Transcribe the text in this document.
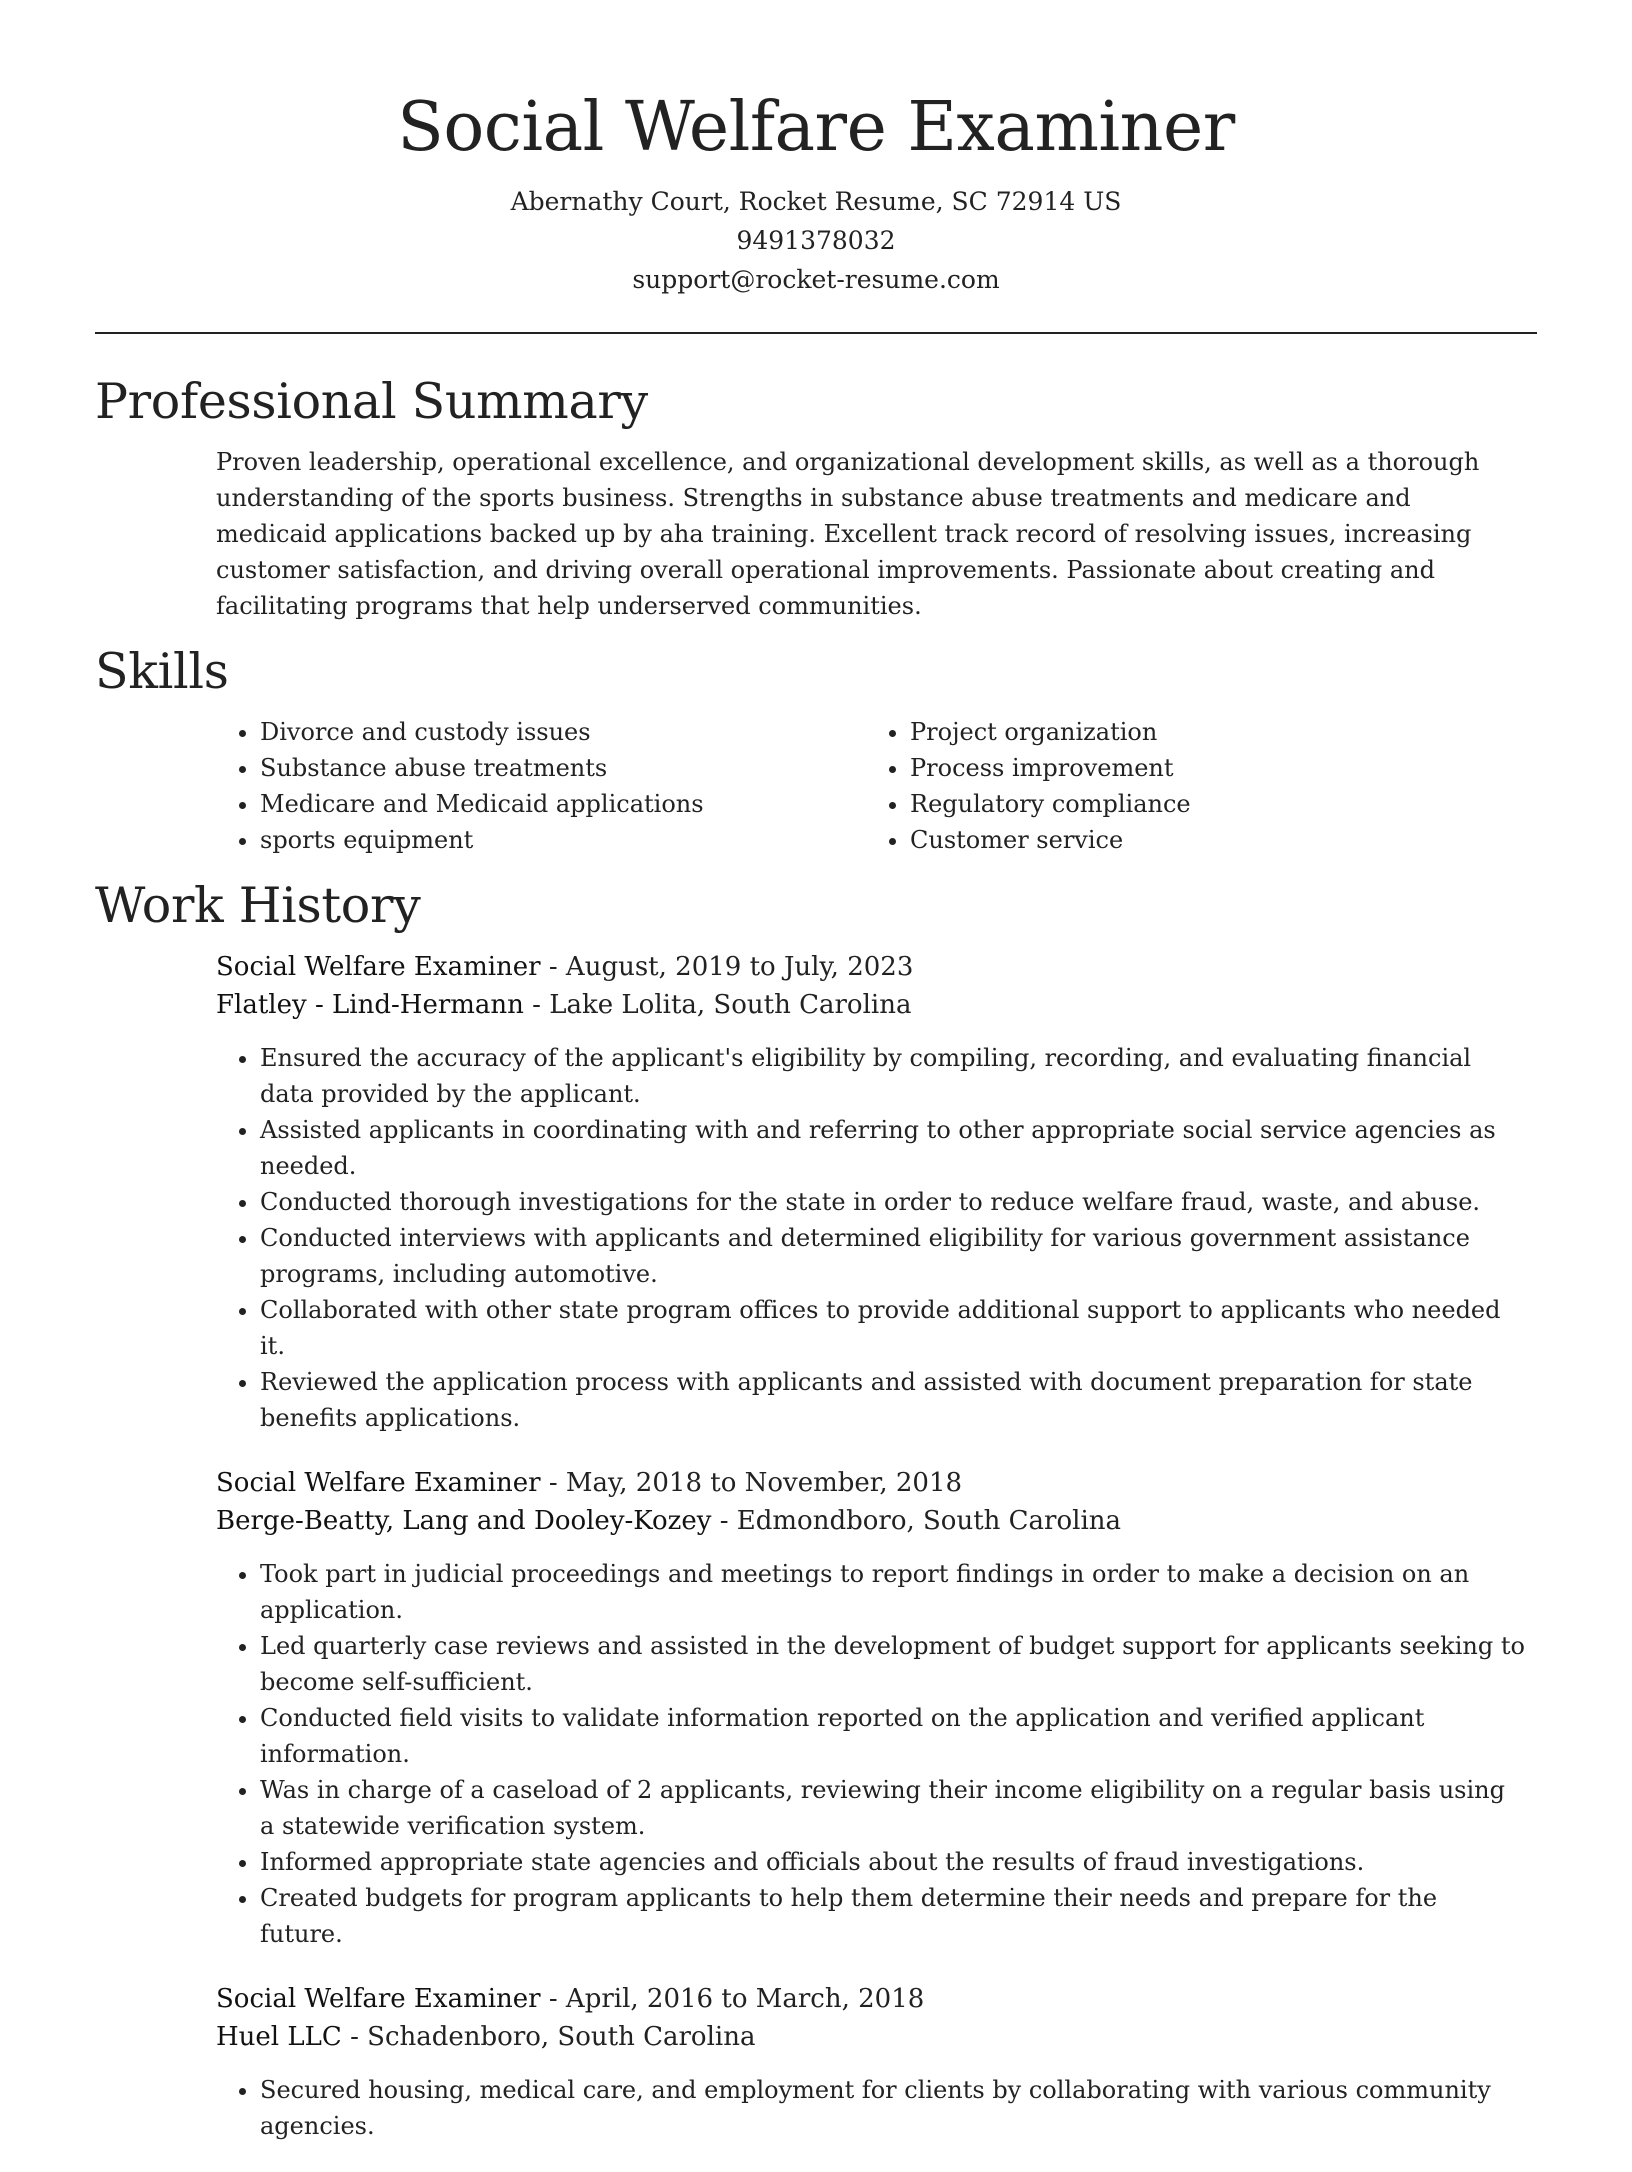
Social Welfare Examiner
Abernathy Court, Rocket Resume, SC 72914 US
9491378032
support@rocket-resume.com
Professional Summary
Proven leadership, operational excellence, and organizational development skills, as well as a thorough understanding of the sports business. Strengths in substance abuse treatments and medicare and medicaid applications backed up by aha training. Excellent track record of resolving issues, increasing customer satisfaction, and driving overall operational improvements. Passionate about creating and facilitating programs that help underserved communities.
Skills
• Divorce and custody issues
• Substance abuse treatments
• Medicare and Medicaid applications
• sports equipment
• Project organization
• Process improvement
• Regulatory compliance
• Customer service
Work History

Social Welfare Examiner - August, 2019 to July, 2023

Flatley - Lind-Hermann - Lake Lolita, South Carolina

• Ensured the accuracy of the applicant's eligibility by compiling, recording, and evaluating financial data provided by the applicant.
• Assisted applicants in coordinating with and referring to other appropriate social service agencies as needed.
• Conducted thorough investigations for the state in order to reduce welfare fraud, waste, and abuse.
• Conducted interviews with applicants and determined eligibility for various government assistance programs, including automotive.
• Collaborated with other state program offices to provide additional support to applicants who needed it.
• Reviewed the application process with applicants and assisted with document preparation for state benefits applications.

Social Welfare Examiner - May, 2018 to November, 2018

Berge-Beatty, Lang and Dooley-Kozey - Edmondboro, South Carolina

• Took part in judicial proceedings and meetings to report findings in order to make a decision on an application.
• Led quarterly case reviews and assisted in the development of budget support for applicants seeking to become self-sufficient.
• Conducted field visits to validate information reported on the application and verified applicant information.
• Was in charge of a caseload of 2 applicants, reviewing their income eligibility on a regular basis using a statewide verification system.
• Informed appropriate state agencies and officials about the results of fraud investigations.
• Created budgets for program applicants to help them determine their needs and prepare for the future.

Social Welfare Examiner - April, 2016 to March, 2018

Huel LLC - Schadenboro, South Carolina

• Secured housing, medical care, and employment for clients by collaborating with various community agencies.
